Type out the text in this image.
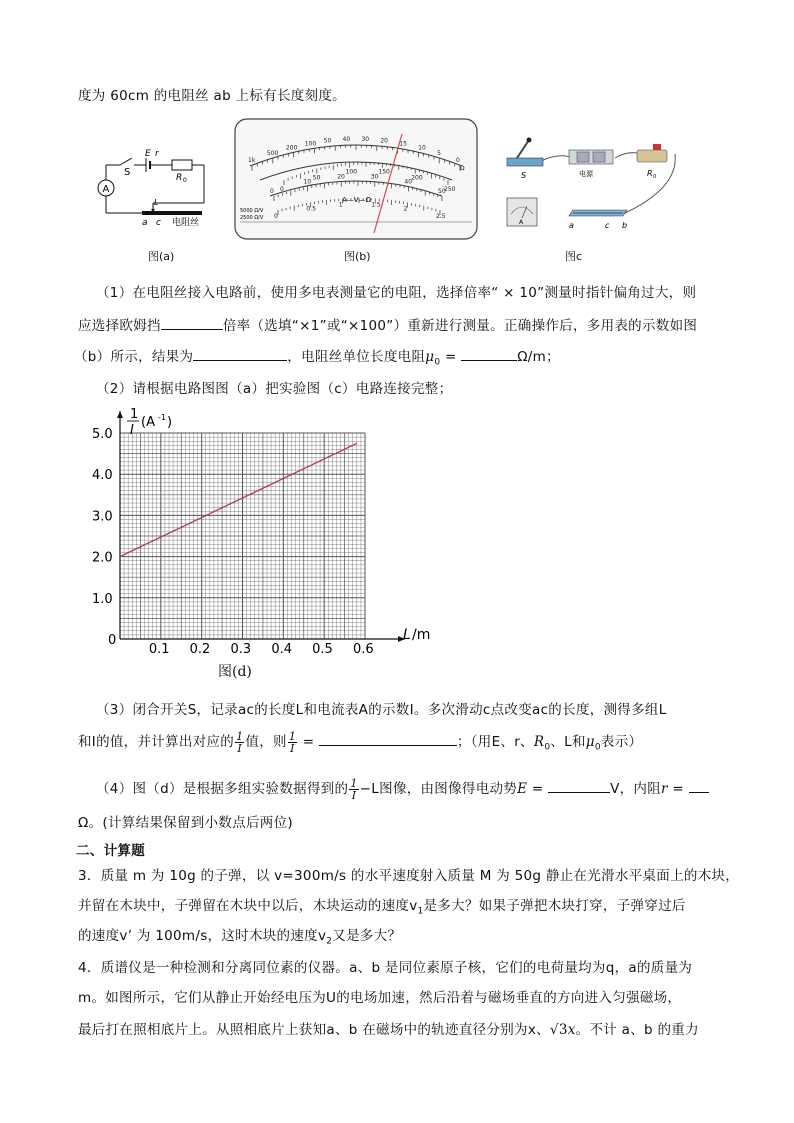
度为 60cm 的电阻丝 ab 上标有长度刻度。
A
S
E r
R 0
L
a c 电阻丝
图(a)
1k
500
200
100 50 40 30 20 15
10
5
0
0
50
100	150
200
250
0
10
20	30
40
50
0
0.5
1	1.5
2
2.5
A—V—Ω
5000 Ω/V
2500 Ω/V
Ω
图(b)
S	电源	R 0
A	a	c b
图c
（1）在电阻丝接入电路前，使用多电表测量它的电阻，选择倍率“ × 10”测量时指针偏角过大，则
应选择欧姆挡	倍率（选填“×1”或“×100”）重新进行测量。正确操作后，多用表的示数如图
（b）所示，结果为	，电阻丝单位长度电阻$\mu_0$ =	Ω/m；
（2）请根据电路图图（a）把实验图（c）电路连接完整；
0.1 0.2 0.3 0.4 0.5 0.6
1.0
2.0
3.0
4.0
5.0
0	L /m
1
I
(A -1 )
图(d)
（3）闭合开关S，记录ac的长度L和电流表A的示数I。多次滑动c点改变ac的长度，测得多组L
和I的值，并计算出对应的 $\frac{1}{I}$ 值，则 $\frac{1}{I}$ =	；（用E、r、$R_0$、L和$\mu_0$表示）
（4）图（d）是根据多组实验数据得到的 $\frac{1}{I} -L$图像，由图像得电动势E =	V，内阻r =
Ω。(计算结果保留到小数点后两位)
二、计算题
3．质量 m 为 10g 的子弹，以 v=300m/s 的水平速度射入质量 M 为 50g 静止在光滑水平桌面上的木块，
并留在木块中，子弹留在木块中以后，木块运动的速度$v_1$是多大？如果子弹把木块打穿，子弹穿过后
的速度v’ 为 100m/s，这时木块的速度$v_2$又是多大？
4．质谱仪是一种检测和分离同位素的仪器。a、b 是同位素原子核，它们的电荷量均为q，a的质量为
m。如图所示，它们从静止开始经电压为U的电场加速，然后沿着与磁场垂直的方向进入匀强磁场，
最后打在照相底片上。从照相底片上获知a、b 在磁场中的轨迹直径分别为x、√3x。不计 a、b 的重力
